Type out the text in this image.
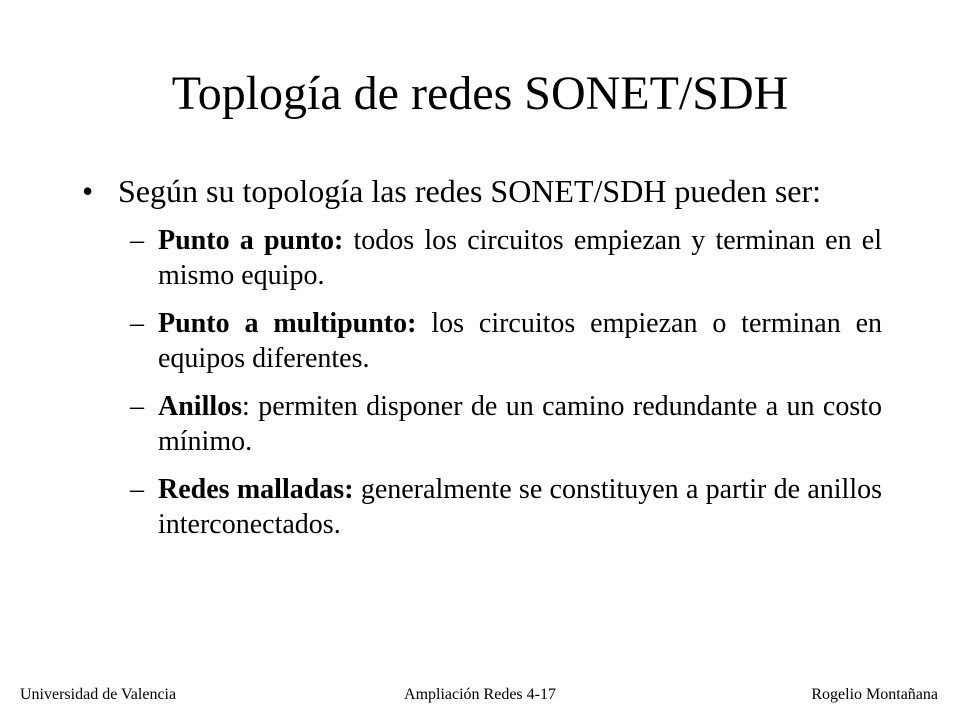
Toplogía de redes SONET/SDH
• Según su topología las redes SONET/SDH pueden ser:
– Punto a punto: todos los circuitos empiezan y terminan en el mismo equipo.
– Punto a multipunto: los circuitos empiezan o terminan en equipos diferentes.
– Anillos: permiten disponer de un camino redundante a un costo mínimo.
– Redes malladas: generalmente se constituyen a partir de anillos interconectados.
Ampliación Redes 4-17
Universidad de Valencia	Rogelio Montañana
